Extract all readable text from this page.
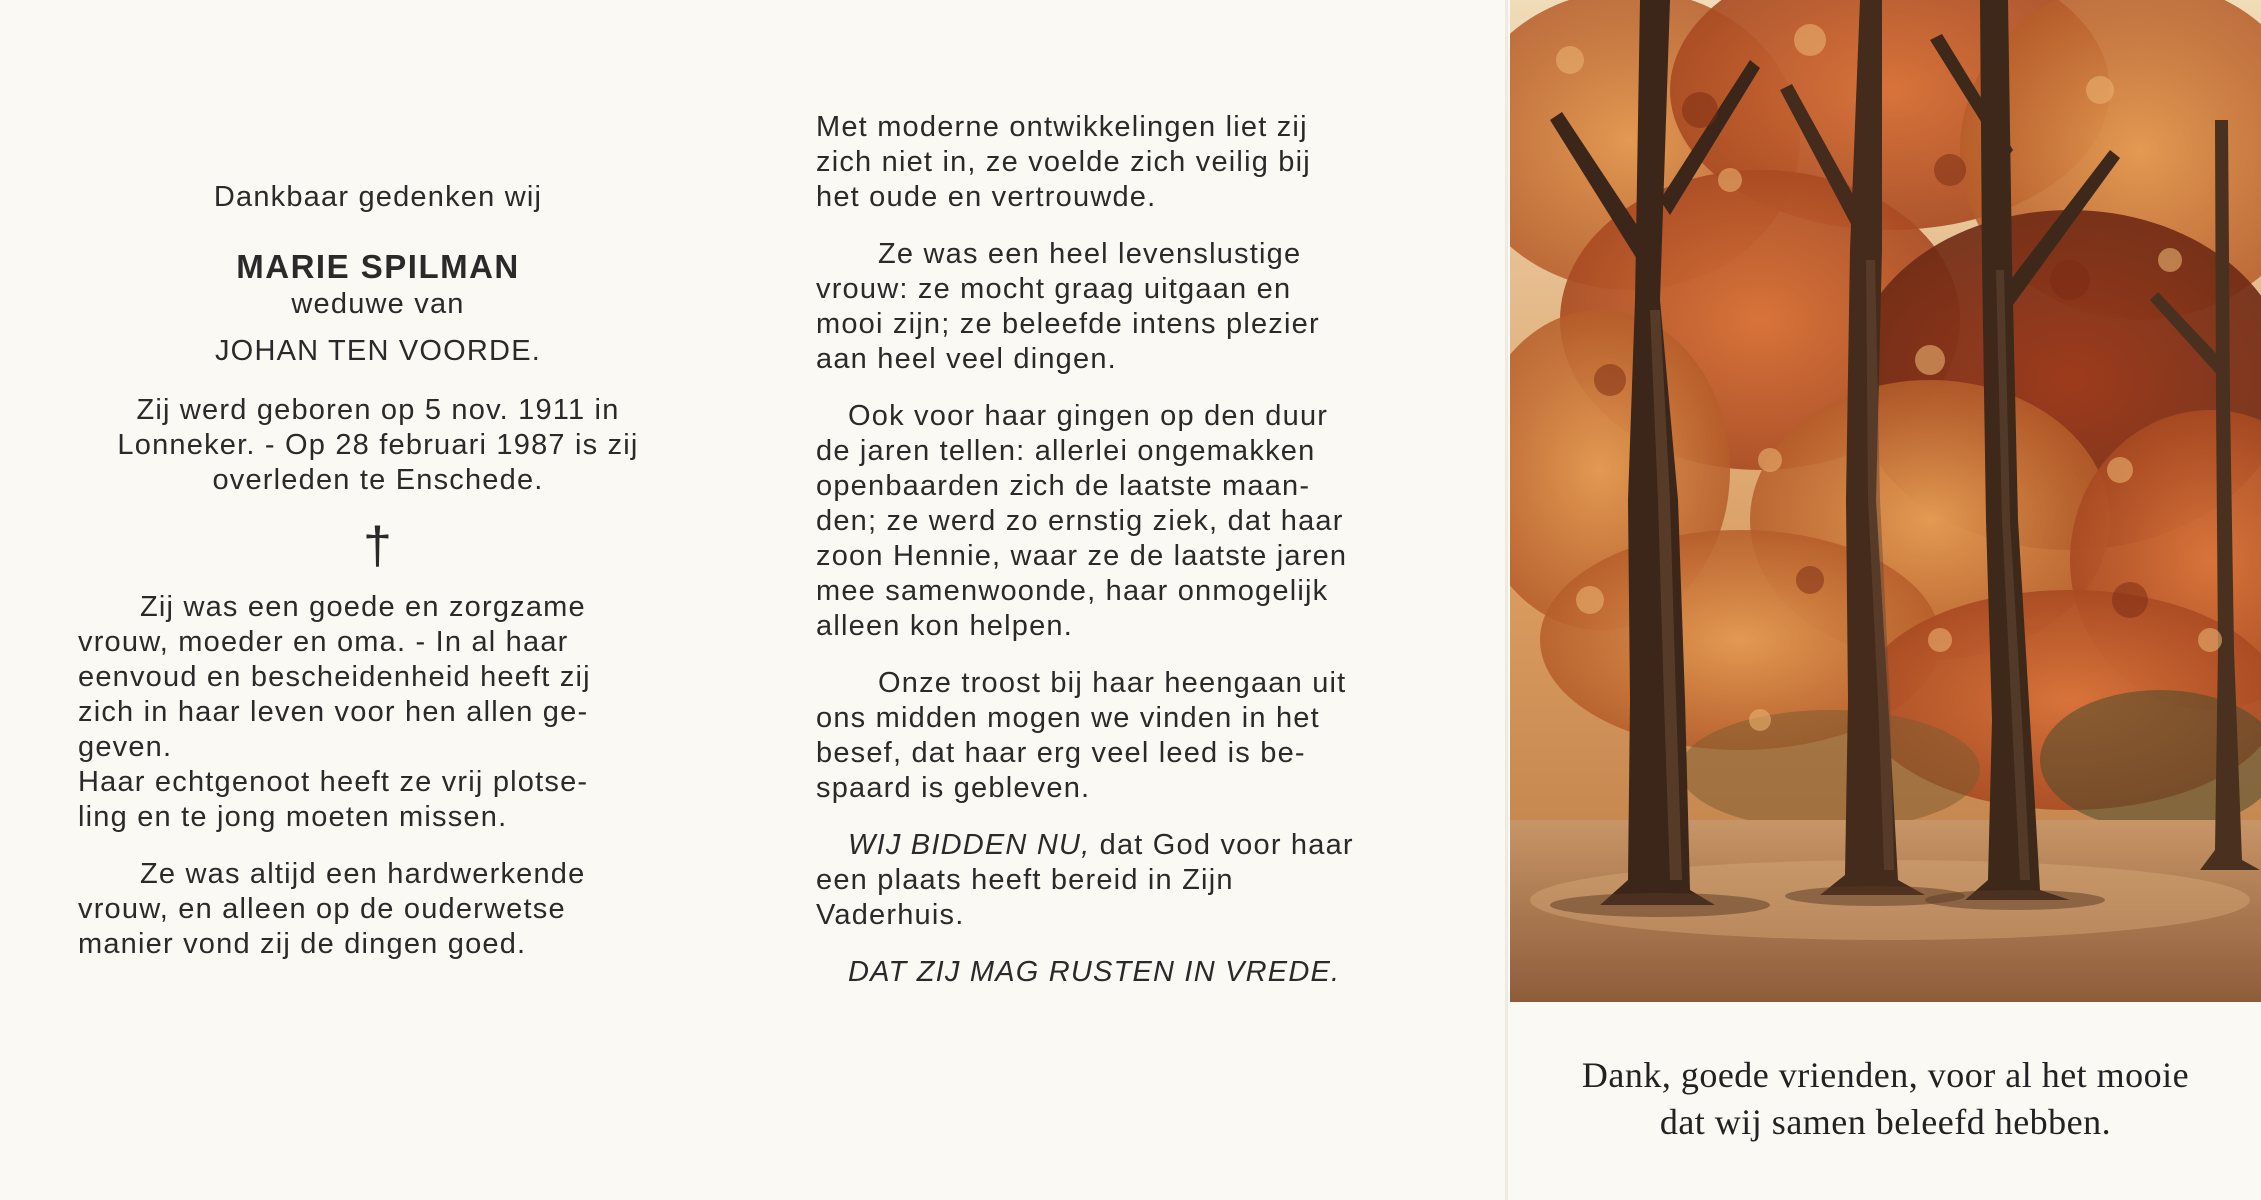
Dankbaar gedenken wij
MARIE SPILMAN
weduwe van
JOHAN TEN VOORDE.
Zij werd geboren op 5 nov. 1911 in
Lonneker. - Op 28 februari 1987 is zij
overleden te Enschede.
†
Zij was een goede en zorgzame
vrouw, moeder en oma. - In al haar
eenvoud en bescheidenheid heeft zij
zich in haar leven voor hen allen ge-
geven.
Haar echtgenoot heeft ze vrij plotse-
ling en te jong moeten missen.
Ze was altijd een hardwerkende
vrouw, en alleen op de ouderwetse
manier vond zij de dingen goed.
Met moderne ontwikkelingen liet zij
zich niet in, ze voelde zich veilig bij
het oude en vertrouwde.
Ze was een heel levenslustige
vrouw: ze mocht graag uitgaan en
mooi zijn; ze beleefde intens plezier
aan heel veel dingen.
Ook voor haar gingen op den duur
de jaren tellen: allerlei ongemakken
openbaarden zich de laatste maan-
den; ze werd zo ernstig ziek, dat haar
zoon Hennie, waar ze de laatste jaren
mee samenwoonde, haar onmogelijk
alleen kon helpen.
Onze troost bij haar heengaan uit
ons midden mogen we vinden in het
besef, dat haar erg veel leed is be-
spaard is gebleven.
WIJ BIDDEN NU, dat God voor haar
een plaats heeft bereid in Zijn
Vaderhuis.
DAT ZIJ MAG RUSTEN IN VREDE.
Dank, goede vrienden, voor al het mooie
dat wij samen beleefd hebben.
